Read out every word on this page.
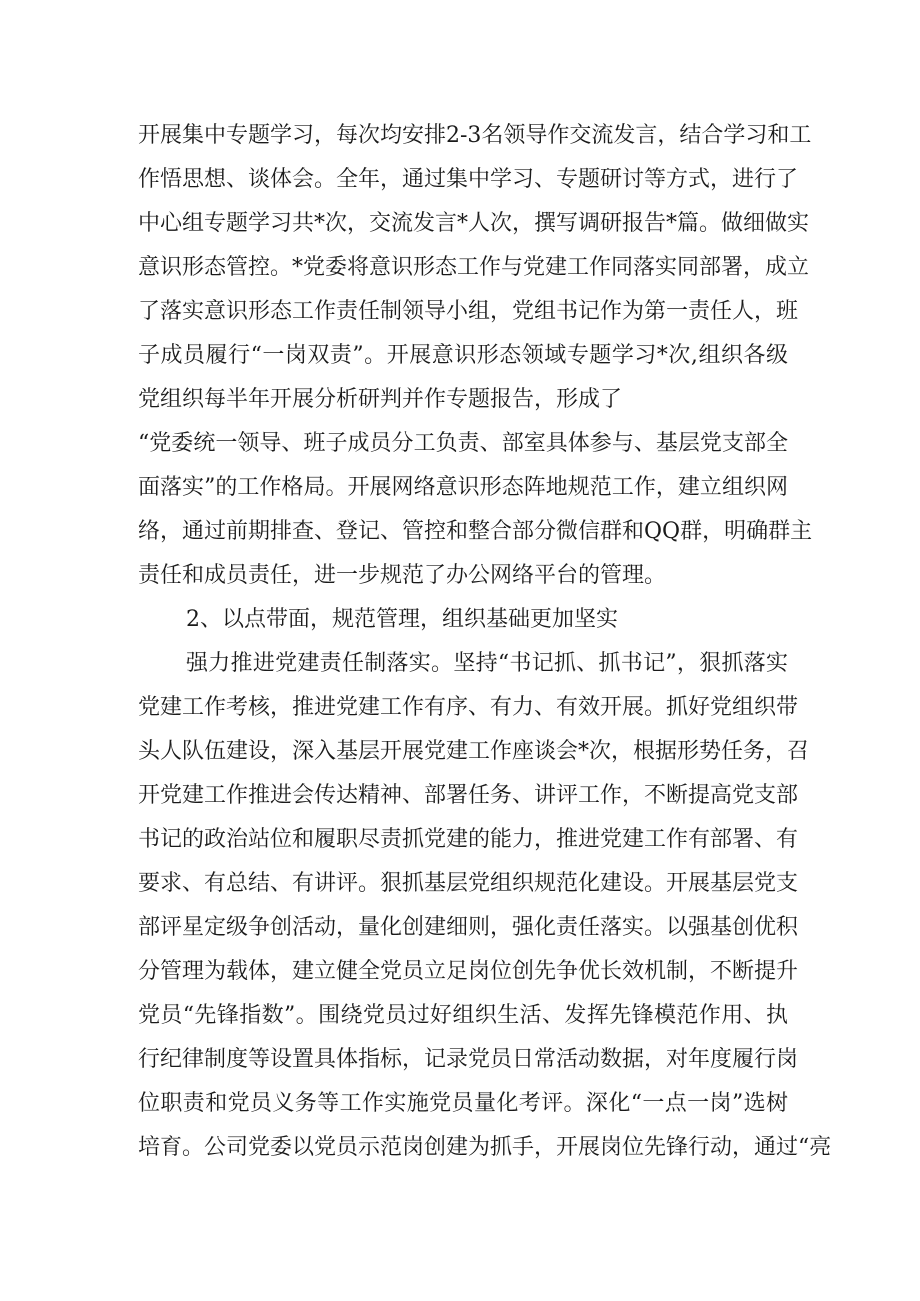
开展集中专题学习，每次均安排2-3名领导作交流发言，结合学习和工
作悟思想、谈体会。全年，通过集中学习、专题研讨等方式，进行了
中心组专题学习共*次，交流发言*人次，撰写调研报告*篇。做细做实
意识形态管控。*党委将意识形态工作与党建工作同落实同部署，成立
了落实意识形态工作责任制领导小组，党组书记作为第一责任人，班
子成员履行“一岗双责”。开展意识形态领域专题学习*次,组织各级
党组织每半年开展分析研判并作专题报告，形成了
“党委统一领导、班子成员分工负责、部室具体参与、基层党支部全
面落实”的工作格局。开展网络意识形态阵地规范工作，建立组织网
络，通过前期排查、登记、管控和整合部分微信群和QQ群，明确群主
责任和成员责任，进一步规范了办公网络平台的管理。
2、以点带面，规范管理，组织基础更加坚实
强力推进党建责任制落实。坚持“书记抓、抓书记”，狠抓落实
党建工作考核，推进党建工作有序、有力、有效开展。抓好党组织带
头人队伍建设，深入基层开展党建工作座谈会*次，根据形势任务，召
开党建工作推进会传达精神、部署任务、讲评工作，不断提高党支部
书记的政治站位和履职尽责抓党建的能力，推进党建工作有部署、有
要求、有总结、有讲评。狠抓基层党组织规范化建设。开展基层党支
部评星定级争创活动，量化创建细则，强化责任落实。以强基创优积
分管理为载体，建立健全党员立足岗位创先争优长效机制，不断提升
党员“先锋指数”。围绕党员过好组织生活、发挥先锋模范作用、执
行纪律制度等设置具体指标，记录党员日常活动数据，对年度履行岗
位职责和党员义务等工作实施党员量化考评。深化“一点一岗”选树
培育。公司党委以党员示范岗创建为抓手，开展岗位先锋行动，通过“亮
